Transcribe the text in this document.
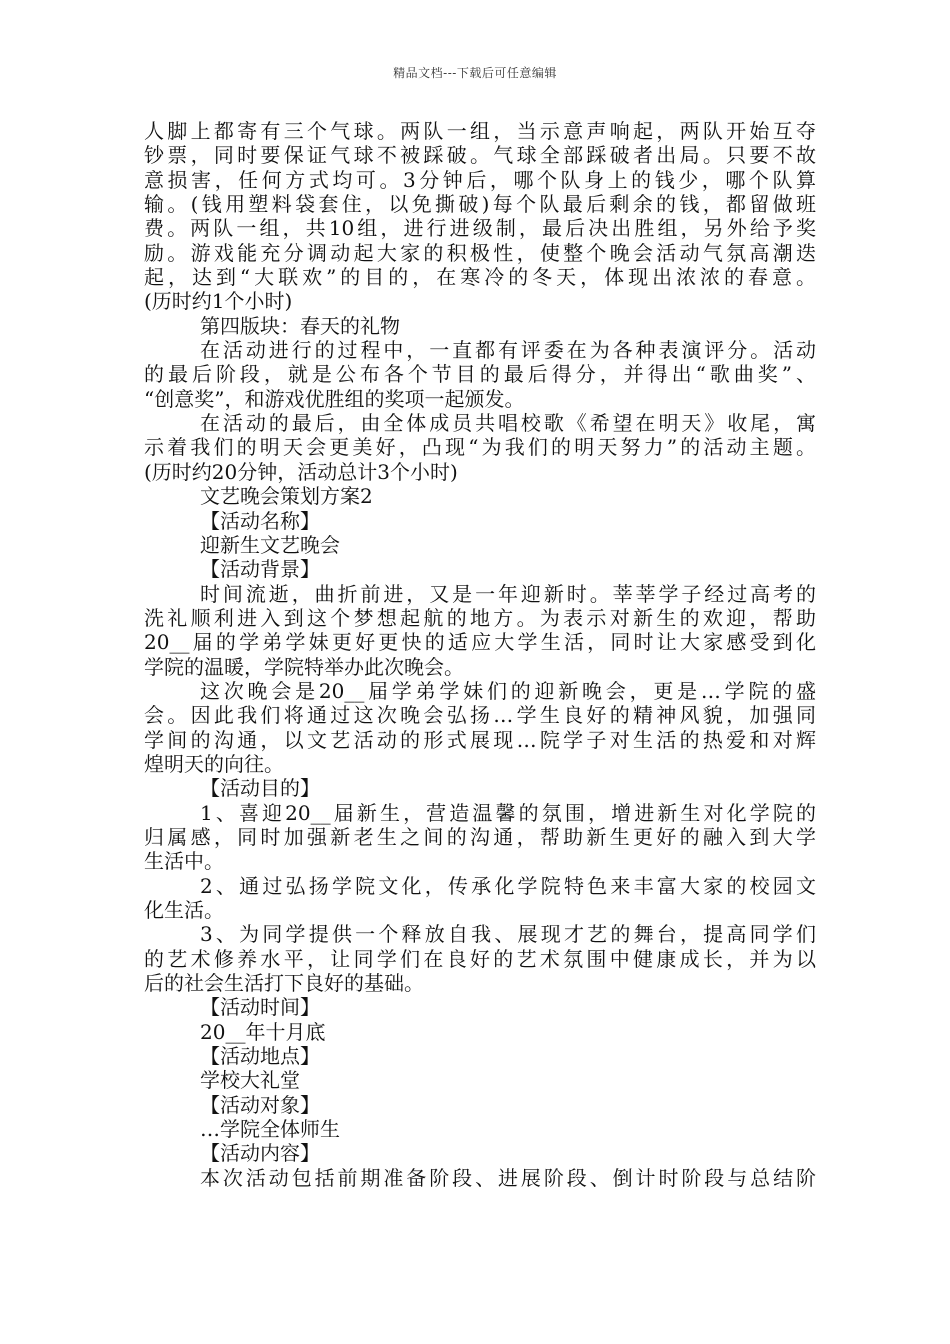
精品文档---下载后可任意编辑
人脚上都寄有三个气球。两队一组，当示意声响起，两队开始互夺
钞票，同时要保证气球不被踩破。气球全部踩破者出局。只要不故
意损害，任何方式均可。3分钟后，哪个队身上的钱少，哪个队算
输。(钱用塑料袋套住，以免撕破)每个队最后剩余的钱，都留做班
费。两队一组，共10组，进行进级制，最后决出胜组，另外给予奖
励。游戏能充分调动起大家的积极性，使整个晚会活动气氛高潮迭
起，达到“大联欢”的目的，在寒冷的冬天，体现出浓浓的春意。
(历时约1个小时)
第四版块：春天的礼物
在活动进行的过程中，一直都有评委在为各种表演评分。活动
的最后阶段，就是公布各个节目的最后得分，并得出“歌曲奖”、
“创意奖”，和游戏优胜组的奖项一起颁发。
在活动的最后，由全体成员共唱校歌《希望在明天》收尾，寓
示着我们的明天会更美好，凸现“为我们的明天努力”的活动主题。
(历时约20分钟，活动总计3个小时)
文艺晚会策划方案2
【活动名称】
迎新生文艺晚会
【活动背景】
时间流逝，曲折前进，又是一年迎新时。莘莘学子经过高考的
洗礼顺利进入到这个梦想起航的地方。为表示对新生的欢迎，帮助
20__届的学弟学妹更好更快的适应大学生活，同时让大家感受到化
学院的温暖，学院特举办此次晚会。
这次晚会是20__届学弟学妹们的迎新晚会，更是…学院的盛
会。因此我们将通过这次晚会弘扬…学生良好的精神风貌，加强同
学间的沟通，以文艺活动的形式展现…院学子对生活的热爱和对辉
煌明天的向往。
【活动目的】
1、喜迎20__届新生，营造温馨的氛围，增进新生对化学院的
归属感，同时加强新老生之间的沟通，帮助新生更好的融入到大学
生活中。
2、通过弘扬学院文化，传承化学院特色来丰富大家的校园文
化生活。
3、为同学提供一个释放自我、展现才艺的舞台，提高同学们
的艺术修养水平，让同学们在良好的艺术氛围中健康成长，并为以
后的社会生活打下良好的基础。
【活动时间】
20__年十月底
【活动地点】
学校大礼堂
【活动对象】
…学院全体师生
【活动内容】
本次活动包括前期准备阶段、进展阶段、倒计时阶段与总结阶
